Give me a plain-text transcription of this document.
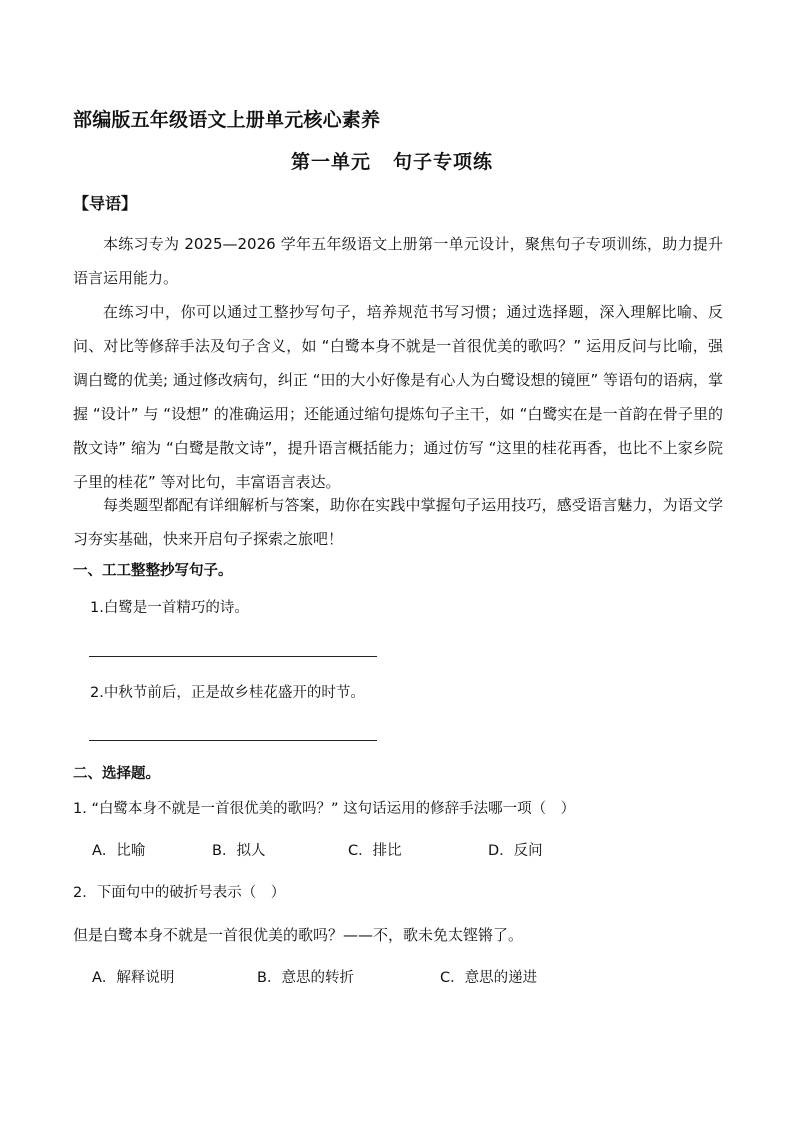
部编版五年级语文上册单元核心素养
第一单元 句子专项练
【导语】
本练习专为 2025—2026 学年五年级语文上册第一单元设计，聚焦句子专项训练，助力提升语言运用能力。
在练习中，你可以通过工整抄写句子，培养规范书写习惯；通过选择题，深入理解比喻、反问、对比等修辞手法及句子含义，如 “白鹭本身不就是一首很优美的歌吗？” 运用反问与比喻，强调白鹭的优美; 通过修改病句，纠正 “田的大小好像是有心人为白鹭设想的镜匣” 等语句的语病，掌握 “设计” 与 “设想” 的准确运用；还能通过缩句提炼句子主干，如 “白鹭实在是一首韵在骨子里的散文诗” 缩为 “白鹭是散文诗”，提升语言概括能力；通过仿写 “这里的桂花再香，也比不上家乡院子里的桂花” 等对比句，丰富语言表达。
每类题型都配有详细解析与答案，助你在实践中掌握句子运用技巧，感受语言魅力，为语文学习夯实基础，快来开启句子探索之旅吧！
一、工工整整抄写句子。
1.白鹭是一首精巧的诗。
2.中秋节前后，正是故乡桂花盛开的时节。
二、选择题。
1. “白鹭本身不就是一首很优美的歌吗？” 这句话运用的修辞手法哪一项（　）
A．比喻	B．拟人	C．排比	D．反问
2．下面句中的破折号表示（　）
但是白鹭本身不就是一首很优美的歌吗？——不，歌未免太铿锵了。
A．解释说明	B．意思的转折	C．意思的递进
